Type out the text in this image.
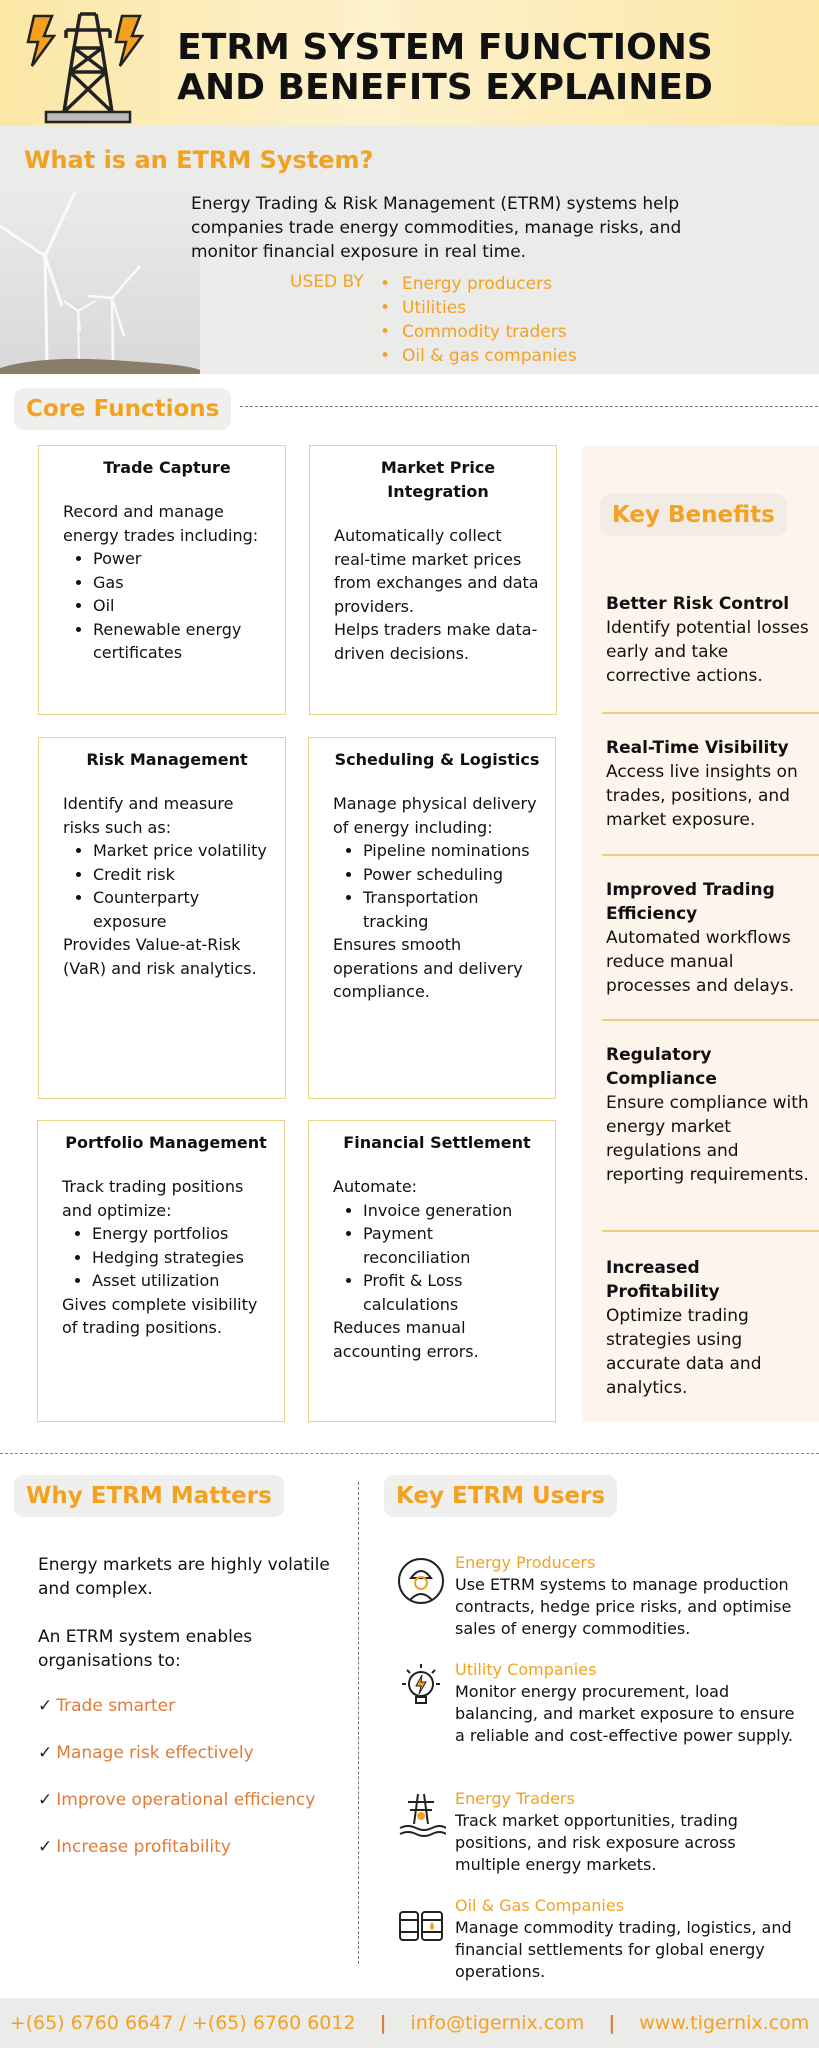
ETRM SYSTEM FUNCTIONS
AND BENEFITS EXPLAINED
What is an ETRM System?
Energy Trading & Risk Management (ETRM) systems help companies trade energy commodities, manage risks, and monitor financial exposure in real time.
USED BY
•	Energy producers
• Utilities
• Commodity traders
• Oil & gas companies
Core Functions
Trade Capture

Record and manage energy trades including:

• Power
• Gas
• Oil
• Renewable energy certificates
Market Price Integration

Automatically collect real-time market prices from exchanges and data providers.

Helps traders make data-driven decisions.

Risk Management

Identify and measure risks such as:

• Market price volatility
• Credit risk
• Counterparty exposure

Provides Value-at-Risk (VaR) and risk analytics.

Scheduling & Logistics

Manage physical delivery of energy including:

• Pipeline nominations
• Power scheduling
• Transportation tracking

Ensures smooth operations and delivery compliance.

Portfolio Management

Track trading positions and optimize:

• Energy portfolios
• Hedging strategies
• Asset utilization

Gives complete visibility of trading positions.

Financial Settlement

Automate:

• Invoice generation
• Payment reconciliation
• Profit & Loss calculations

Reduces manual accounting errors.

Key Benefits
Better Risk Control
Identify potential losses early and take corrective actions.
Real-Time Visibility
Access live insights on trades, positions, and market exposure.
Improved Trading Efficiency
Automated workflows reduce manual processes and delays.
Regulatory Compliance
Ensure compliance with energy market regulations and reporting requirements.
Increased Profitability
Optimize trading strategies using accurate data and analytics.
Why ETRM Matters	Key ETRM Users

Energy markets are highly volatile and complex.

An ETRM system enables organisations to:

✓ Trade smarter
✓ Manage risk effectively
✓ Improve operational efficiency
✓ Increase profitability
Energy Producers
Use ETRM systems to manage production contracts, hedge price risks, and optimise sales of energy commodities.
Utility Companies
Monitor energy procurement, load balancing, and market exposure to ensure a reliable and cost-effective power supply.
Energy Traders
Track market opportunities, trading positions, and risk exposure across multiple energy markets.
Oil & Gas Companies
Manage commodity trading, logistics, and financial settlements for global energy operations.
+(65) 6760 6647 / +(65) 6760 6012 | info@tigernix.com | www.tigernix.com
